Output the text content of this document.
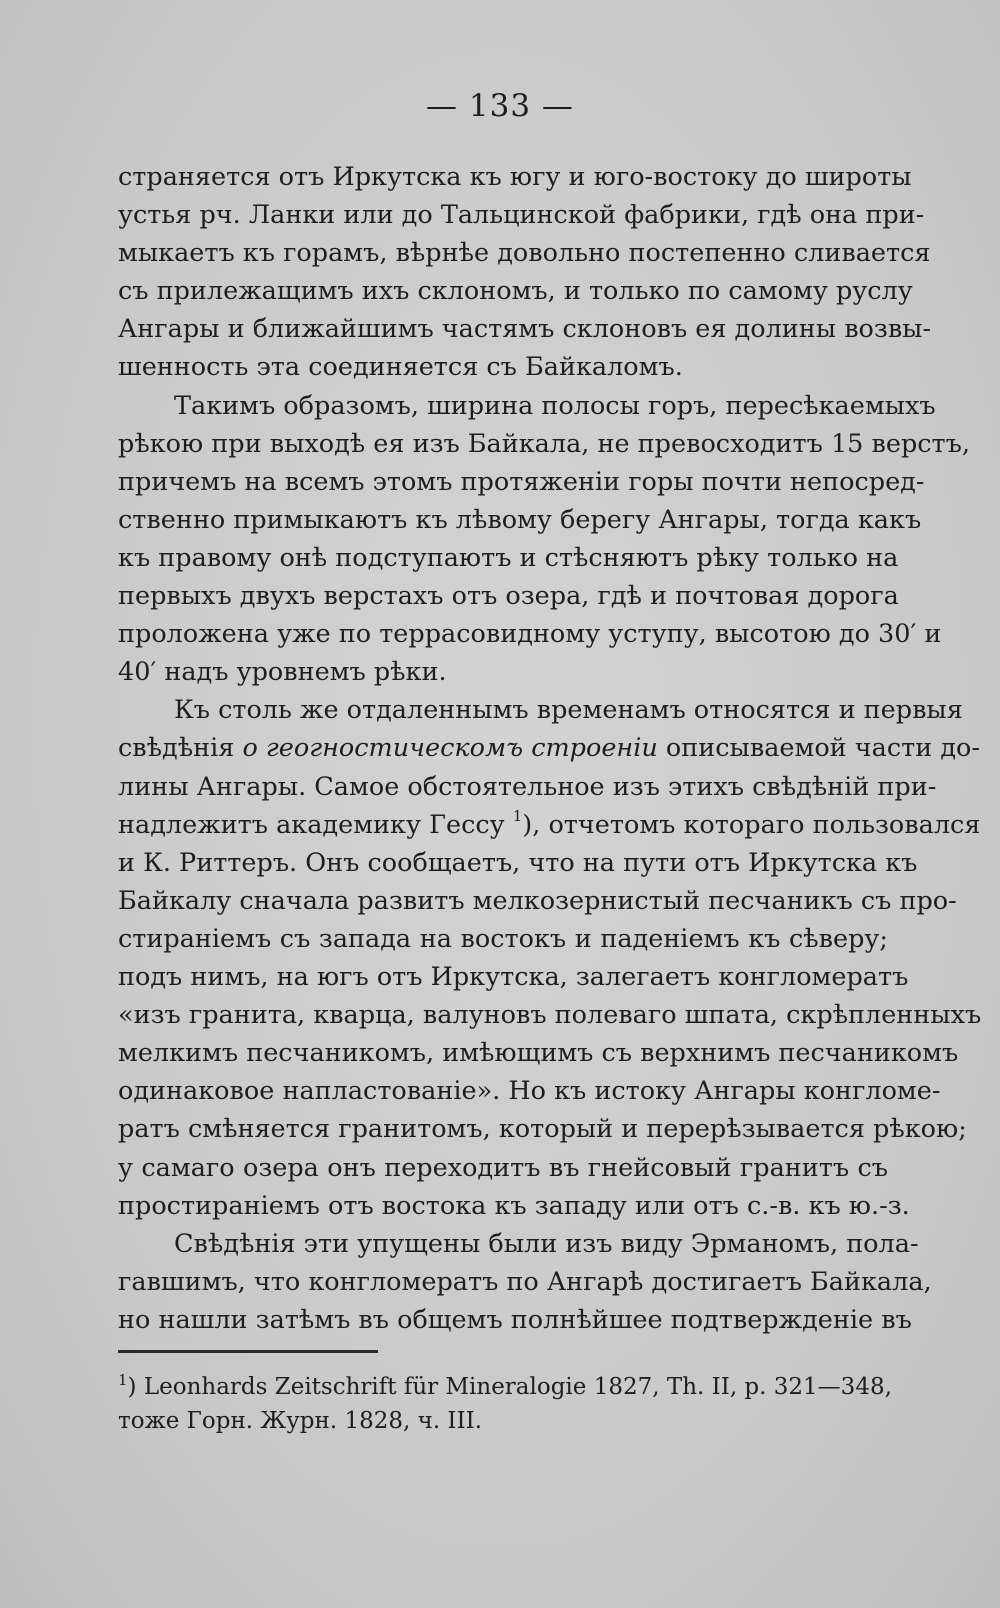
— 133 —
страняется отъ Иркутска къ югу и юго-востоку до широты
устья рч. Ланки или до Тальцинской фабрики, гдѣ она при-
мыкаетъ къ горамъ, вѣрнѣе довольно постепенно сливается
съ прилежащимъ ихъ склономъ, и только по самому руслу
Ангары и ближайшимъ частямъ склоновъ ея долины возвы-
шенность эта соединяется съ Байкаломъ.
Такимъ образомъ, ширина полосы горъ, пересѣкаемыхъ
рѣкою при выходѣ ея изъ Байкала, не превосходитъ 15 верстъ,
причемъ на всемъ этомъ протяженіи горы почти непосред-
ственно примыкаютъ къ лѣвому берегу Ангары, тогда какъ
къ правому онѣ подступаютъ и стѣсняютъ рѣку только на
первыхъ двухъ верстахъ отъ озера, гдѣ и почтовая дорога
проложена уже по террасовидному уступу, высотою до 30′ и
40′ надъ уровнемъ рѣки.
Къ столь же отдаленнымъ временамъ относятся и первыя
свѣдѣнія о геогностическомъ строеніи описываемой части до-
лины Ангары. Самое обстоятельное изъ этихъ свѣдѣній при-
надлежитъ академику Гессу $^1$), отчетомъ котораго пользовался
и К. Риттеръ. Онъ сообщаетъ, что на пути отъ Иркутска къ
Байкалу сначала развитъ мелкозернистый песчаникъ съ про-
стираніемъ съ запада на востокъ и паденіемъ къ сѣверу;
подъ нимъ, на югъ отъ Иркутска, залегаетъ конгломератъ
«изъ гранита, кварца, валуновъ полеваго шпата, скрѣпленныхъ
мелкимъ песчаникомъ, имѣющимъ съ верхнимъ песчаникомъ
одинаковое напластованіе». Но къ истоку Ангары конгломе-
ратъ смѣняется гранитомъ, который и перерѣзывается рѣкою;
у самаго озера онъ переходитъ въ гнейсовый гранитъ съ
простираніемъ отъ востока къ западу или отъ с.-в. къ ю.-з.
Свѣдѣнія эти упущены были изъ виду Эрманомъ, пола-
гавшимъ, что конгломератъ по Ангарѣ достигаетъ Байкала,
но нашли затѣмъ въ общемъ полнѣйшее подтвержденіе въ
$^1$) Leonhards Zeitschrift für Mineralogie 1827, Th. II, p. 321—348,
тоже Горн. Журн. 1828, ч. III.
